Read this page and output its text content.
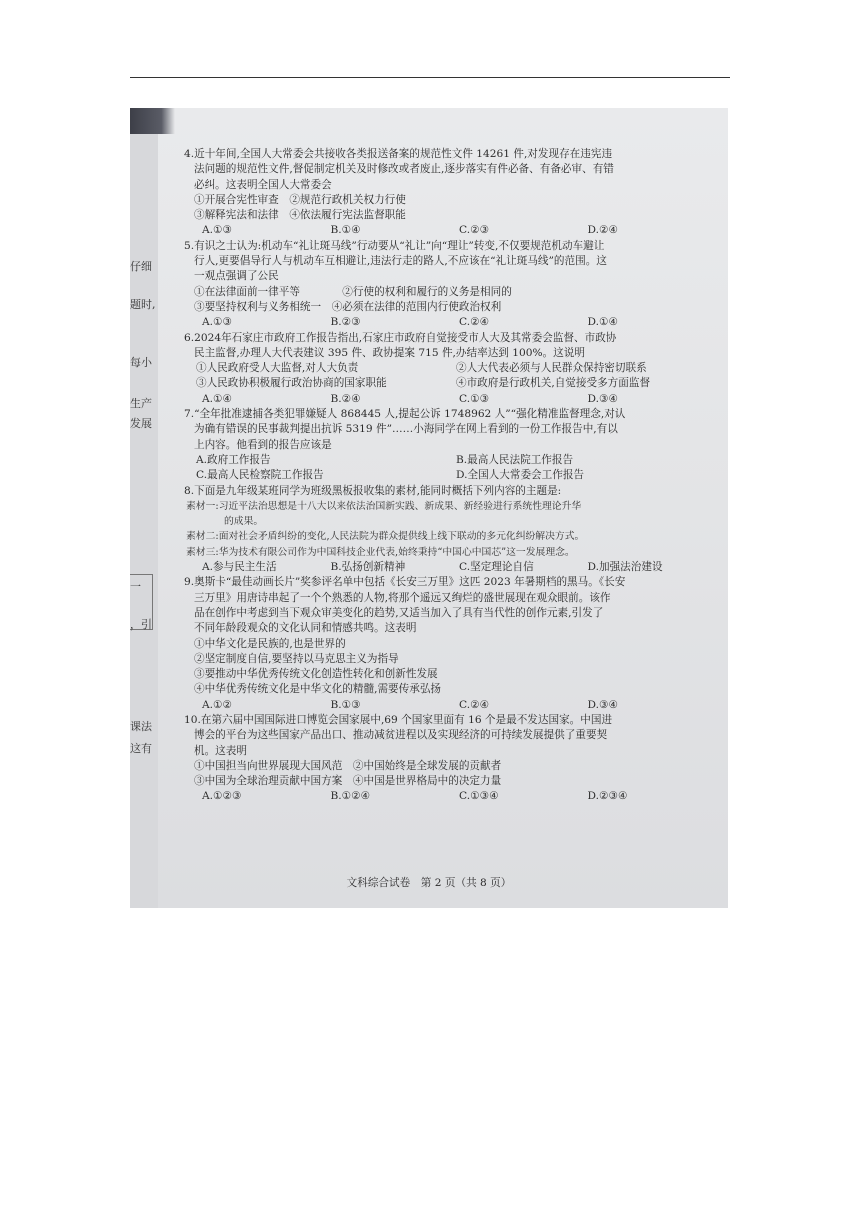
仔细
题时,
每小
生产
发展
一
，引
课法
这有

4.近十年间,全国人大常委会共接收各类报送备案的规范性文件 14261 件,对发现存在违宪违

法问题的规范性文件,督促制定机关及时修改或者废止,逐步落实有件必备、有备必审、有错

必纠。这表明全国人大常委会

①开展合宪性审查　②规范行政机关权力行使

③解释宪法和法律　④依法履行宪法监督职能

A.①③	B.①④	C.②③	D.②④

5.有识之士认为:机动车“礼让斑马线”行动要从“礼让”向“理让”转变,不仅要规范机动车避让

行人,更要倡导行人与机动车互相避让,违法行走的路人,不应该在“礼让斑马线”的范围。这

一观点强调了公民

①在法律面前一律平等　　　　②行使的权利和履行的义务是相同的

③要坚持权利与义务相统一　④必须在法律的范围内行使政治权利

A.①③	B.②③	C.②④	D.①④

6.2024年石家庄市政府工作报告指出,石家庄市政府自觉接受市人大及其常委会监督、市政协

民主监督,办理人大代表建议 395 件、政协提案 715 件,办结率达到 100%。这说明

①人民政府受人大监督,对人大负责	②人大代表必须与人民群众保持密切联系
③人民政协积极履行政治协商的国家职能	④市政府是行政机关,自觉接受多方面监督
A.①④	B.②④	C.①③	D.③④

7.“全年批准逮捕各类犯罪嫌疑人 868445 人,提起公诉 1748962 人”“强化精准监督理念,对认

为确有错误的民事裁判提出抗诉 5319 件”……小海同学在网上看到的一份工作报告中,有以

上内容。他看到的报告应该是

A.政府工作报告	B.最高人民法院工作报告
C.最高人民检察院工作报告	D.全国人大常委会工作报告

8.下面是九年级某班同学为班级黑板报收集的素材,能同时概括下列内容的主题是:

素材一:习近平法治思想是十八大以来依法治国新实践、新成果、新经验进行系统性理论升华

的成果。

素材二:面对社会矛盾纠纷的变化,人民法院为群众提供线上线下联动的多元化纠纷解决方式。

素材三:华为技术有限公司作为中国科技企业代表,始终秉持“中国心中国芯”这一发展理念。

A.参与民主生活	B.弘扬创新精神	C.坚定理论自信	D.加强法治建设

9.奥斯卡“最佳动画长片”奖参评名单中包括《长安三万里》这匹 2023 年暑期档的黑马。《长安

三万里》用唐诗串起了一个个熟悉的人物,将那个遥远又绚烂的盛世展现在观众眼前。该作

品在创作中考虑到当下观众审美变化的趋势,又适当加入了具有当代性的创作元素,引发了

不同年龄段观众的文化认同和情感共鸣。这表明

①中华文化是民族的,也是世界的

②坚定制度自信,要坚持以马克思主义为指导

③要推动中华优秀传统文化创造性转化和创新性发展

④中华优秀传统文化是中华文化的精髓,需要传承弘扬

A.①②	B.①③	C.②④	D.③④

10.在第六届中国国际进口博览会国家展中,69 个国家里面有 16 个是最不发达国家。中国进

博会的平台为这些国家产品出口、推动减贫进程以及实现经济的可持续发展提供了重要契

机。这表明

①中国担当向世界展现大国风范　②中国始终是全球发展的贡献者

③中国为全球治理贡献中国方案　④中国是世界格局中的决定力量

A.①②③	B.①②④	C.①③④	D.②③④
文科综合试卷　第 2 页（共 8 页）
